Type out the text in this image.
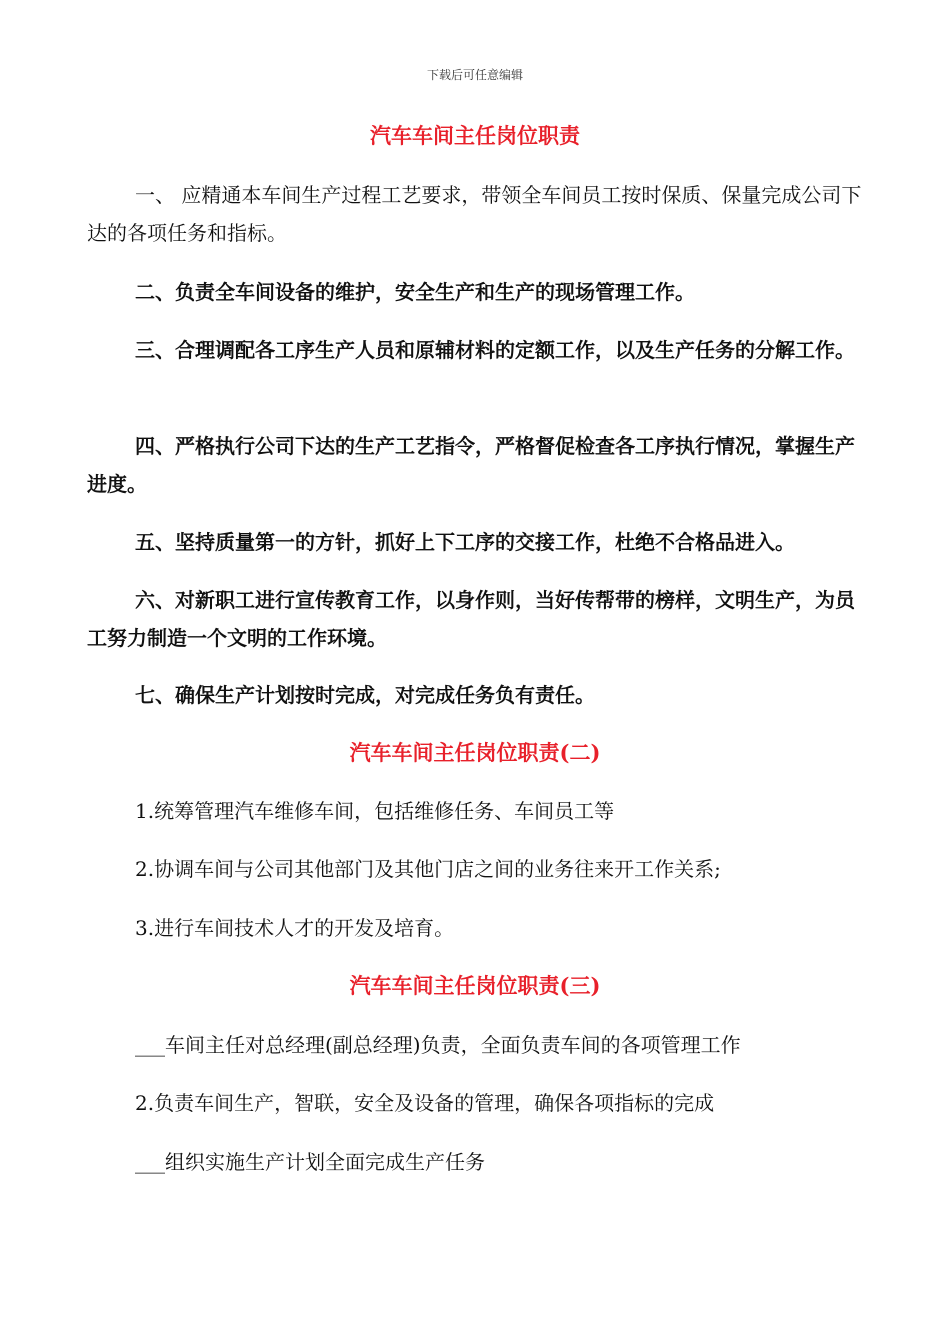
下载后可任意编辑
汽车车间主任岗位职责
一、 应精通本车间生产过程工艺要求，带领全车间员工按时保质、保量完成公司下达的各项任务和指标。
二、负责全车间设备的维护，安全生产和生产的现场管理工作。
三、合理调配各工序生产人员和原辅材料的定额工作，以及生产任务的分解工作。
四、严格执行公司下达的生产工艺指令，严格督促检查各工序执行情况，掌握生产进度。
五、坚持质量第一的方针，抓好上下工序的交接工作，杜绝不合格品进入。
六、对新职工进行宣传教育工作，以身作则，当好传帮带的榜样，文明生产，为员工努力制造一个文明的工作环境。
七、确保生产计划按时完成，对完成任务负有责任。
汽车车间主任岗位职责(二)
1.统筹管理汽车维修车间，包括维修任务、车间员工等
2.协调车间与公司其他部门及其他门店之间的业务往来开工作关系;
3.进行车间技术人才的开发及培育。
汽车车间主任岗位职责(三)
___车间主任对总经理(副总经理)负责，全面负责车间的各项管理工作
2.负责车间生产，智联，安全及设备的管理，确保各项指标的完成
___组织实施生产计划全面完成生产任务
